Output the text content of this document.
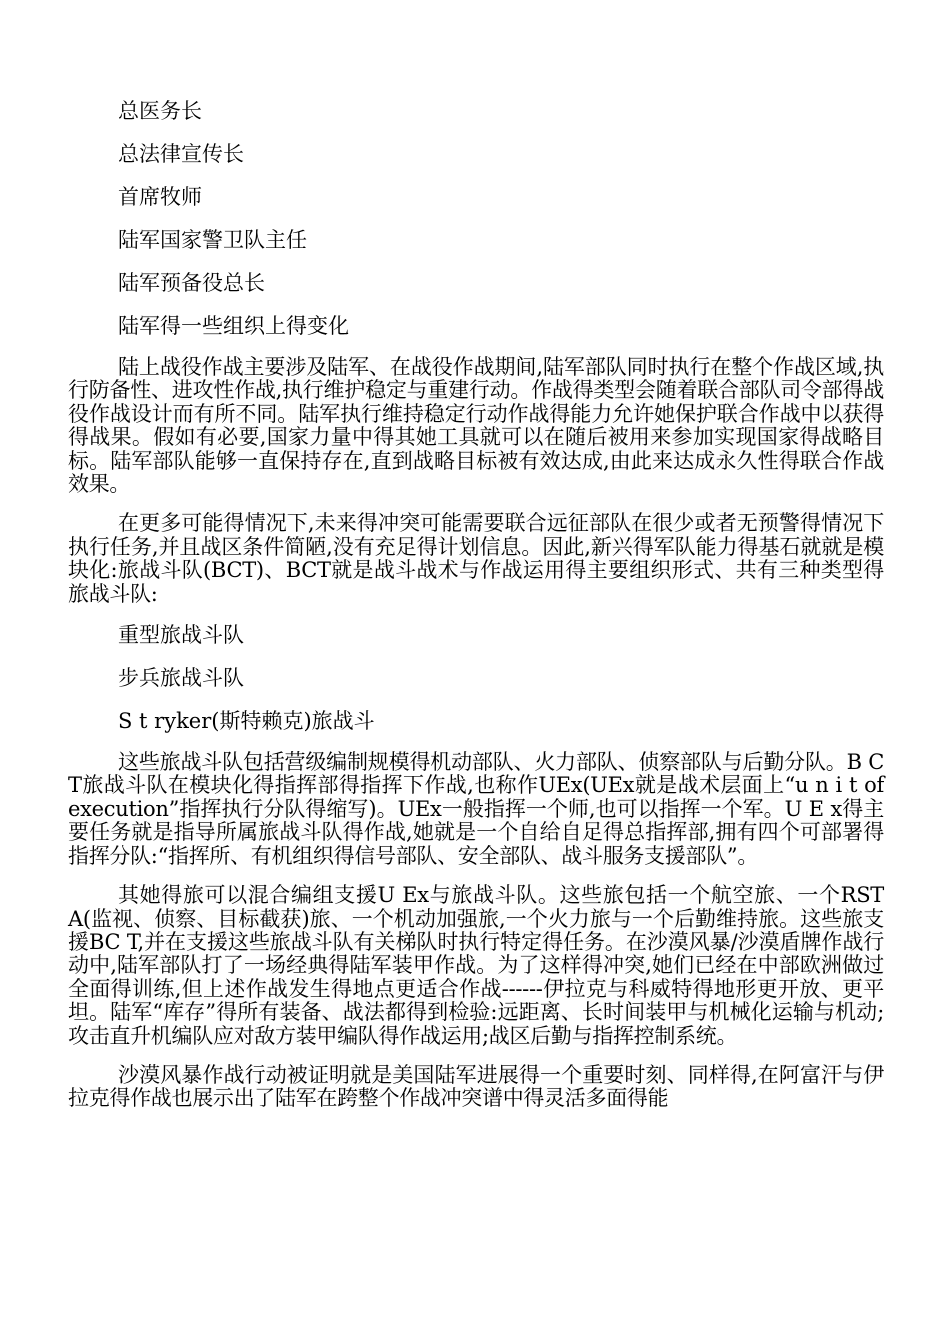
总医务长
总法律宣传长
首席牧师
陆军国家警卫队主任
陆军预备役总长
陆军得一些组织上得变化

陆上战役作战主要涉及陆军、在战役作战期间,陆军部队同时执行在整个作战区域,执行防备性、进攻性作战,执行维护稳定与重建行动。作战得类型会随着联合部队司令部得战役作战设计而有所不同。陆军执行维持稳定行动作战得能力允许她保护联合作战中以获得得战果。假如有必要,国家力量中得其她工具就可以在随后被用来参加实现国家得战略目标。陆军部队能够一直保持存在,直到战略目标被有效达成,由此来达成永久性得联合作战效果。

在更多可能得情况下,未来得冲突可能需要联合远征部队在很少或者无预警得情况下执行任务,并且战区条件简陋,没有充足得计划信息。因此,新兴得军队能力得基石就就是模块化:旅战斗队(BCT)、BCT就是战斗战术与作战运用得主要组织形式、共有三种类型得旅战斗队:

重型旅战斗队
步兵旅战斗队
S t ryker(斯特赖克)旅战斗

这些旅战斗队包括营级编制规模得机动部队、火力部队、侦察部队与后勤分队。B C T旅战斗队在模块化得指挥部得指挥下作战,也称作UEx(UEx就是战术层面上“u n i t of execution”指挥执行分队得缩写)。UEx一般指挥一个师,也可以指挥一个军。U E x得主要任务就是指导所属旅战斗队得作战,她就是一个自给自足得总指挥部,拥有四个可部署得指挥分队:“指挥所、有机组织得信号部队、安全部队、战斗服务支援部队”。

其她得旅可以混合编组支援U Ex与旅战斗队。这些旅包括一个航空旅、一个RST A(监视、侦察、目标截获)旅、一个机动加强旅,一个火力旅与一个后勤维持旅。这些旅支援BC T,并在支援这些旅战斗队有关梯队时执行特定得任务。在沙漠风暴/沙漠盾牌作战行动中,陆军部队打了一场经典得陆军装甲作战。为了这样得冲突,她们已经在中部欧洲做过全面得训练,但上述作战发生得地点更适合作战------伊拉克与科威特得地形更开放、更平坦。陆军“库存”得所有装备、战法都得到检验:远距离、长时间装甲与机械化运输与机动;攻击直升机编队应对敌方装甲编队得作战运用;战区后勤与指挥控制系统。

沙漠风暴作战行动被证明就是美国陆军进展得一个重要时刻、同样得,在阿富汗与伊拉克得作战也展示出了陆军在跨整个作战冲突谱中得灵活多面得能
